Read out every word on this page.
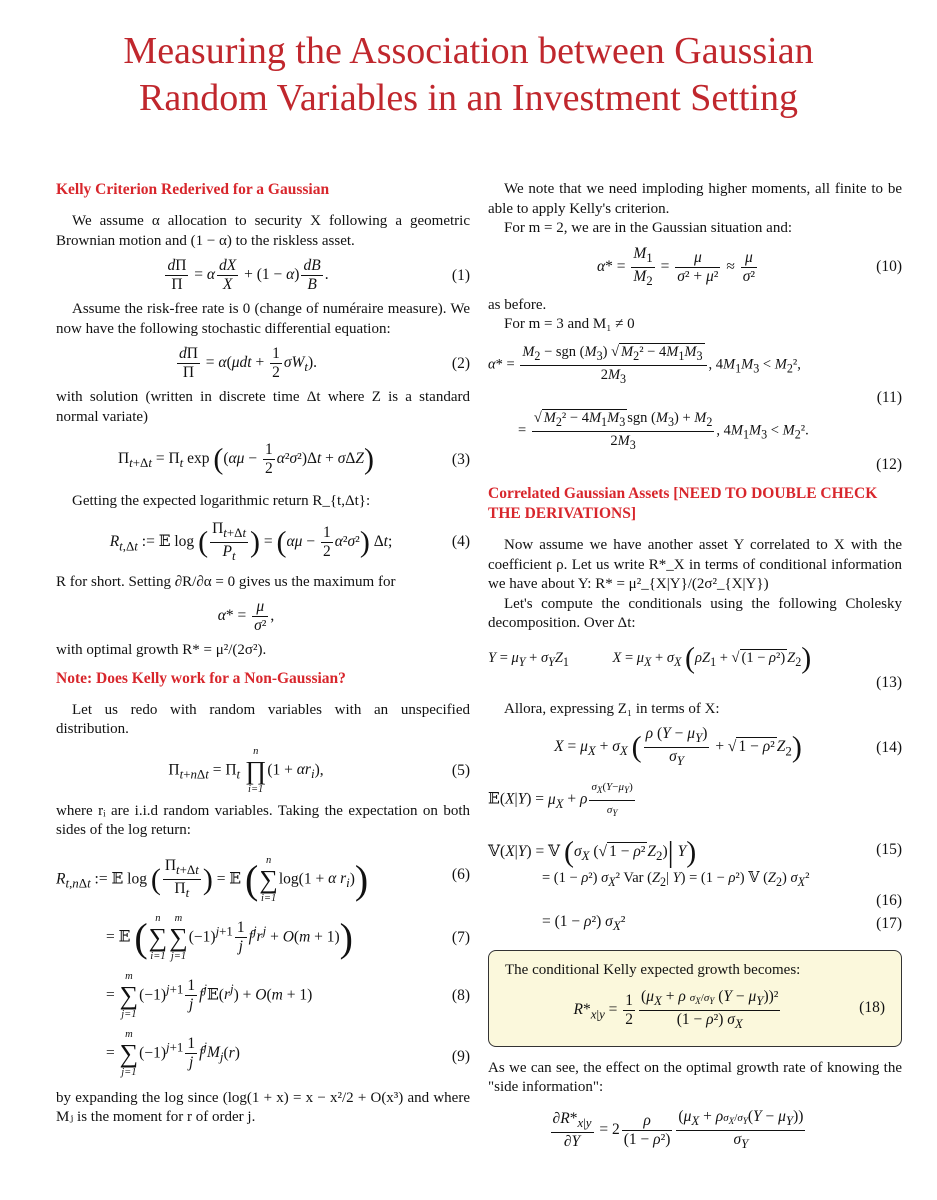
Measuring the Association between Gaussian
Random Variables in an Investment Setting
Kelly Criterion Rederived for a Gaussian

We assume α allocation to security X following a geometric Brownian motion and (1 − α) to the riskless asset.

$\frac{d\Pi}{\Pi} = \alpha \frac{dX}{X} + (1 - \alpha) \frac{dB}{B}$ .	(1)

Assume the risk-free rate is 0 (change of numéraire measure). We now have the following stochastic differential equation:

$\frac{d\Pi}{\Pi} = \alpha(\mu dt + \frac{1}{2} \sigma W_t)$.	(2)

with solution (written in discrete time Δt where Z is a standard normal variate)

$\Pi_{t+\Delta t} = \Pi_t$ $\exp ((\alpha\mu - \frac{1}{2} \alpha^2\sigma^2)\Delta t + \sigma\Delta Z)$	(3)

Getting the expected logarithmic return R_{t,Δt}:

$R_{t,\Delta t}$ := 𝔼 log ( $\frac{\Pi_{t+\Delta t}}{P_t}$ ) = $(\alpha\mu - \frac{1}{2} \alpha^2\sigma^2)$ Δt;	(4)

R for short. Setting ∂R/∂α = 0 gives us the maximum for

$\alpha* = \frac{\mu}{\text{σ²}}$ ,

with optimal growth R* = μ²/(2σ²).

Note: Does Kelly work for a Non-Gaussian?

Let us redo with random variables with an unspecified distribution.

$\Pi_{t+n\Delta t} = \Pi_t$
n
∏
i=1
$(1 + \alpha r_i)$,	(5)

where rᵢ are i.i.d random variables. Taking the expectation on both sides of the log return:

$R_{t,n\Delta t}$ := 𝔼 log ( $\frac{\Pi_{t+\Delta t}}{\Pi_t}$ ) = 𝔼 ( n
∑
i=1
log(1 + α $r_i$))	(6)
= 𝔼 ( n
∑
i=1
m
∑
j=1
$(-1)^{j+1} \frac{1}{j} f^jr^j + O(m + 1)$)	(7)
=
m
∑
j=1
$(-1)^{j+1} \frac{1}{j}$ $f^j𝔼(r^j) + O(m + 1)$	(8)
=
m
∑
j=1
$(-1)^{j+1} \frac{1}{j} f^jM_j(r)$	(9)

by expanding the log since (log(1 + x) = x − x²/2 + O(x³) and where Mⱼ is the moment for r of order j.

We note that we need imploding higher moments, all finite to be able to apply Kelly's criterion.

For m = 2, we are in the Gaussian situation and:

$\alpha* = \frac{M_1}{M_2} = \frac{\mu}{\text{σ² + μ²}} \approx \frac{\mu}{\text{σ²}}$	(10)

as before.

For m = 3 and M₁ ≠ 0

$\alpha* = \frac{M_2 - sgn (M_3) √ M_2^2 - 4M_1M_3}{2M_3}$ , $4M_1M_3 < M_2^2$,
(11)
= $\frac{√ M_2^2 - 4M_1M_3 sgn (M_3) + M_2}{2M_3}$ , $4M_1M_3 < M_2^2$.
(12)
Correlated Gaussian Assets [NEED TO DOUBLE CHECK THE DERIVATIONS]

Now assume we have another asset Y correlated to X with the coefficient ρ. Let us write R*_X in terms of conditional information we have about Y: R* = μ²_{X|Y}/(2σ²_{X|Y})

Let's compute the conditionals using the following Cholesky decomposition. Over Δt:

$Y = \mu_Y + \sigma_YZ_1$	$X = \mu_X + \sigma_X$ ($\rho Z_1$ + √ (1 − ρ²) $Z_2$)
(13)

Allora, expressing Z₁ in terms of X:

$X = \mu_X + \sigma_X$ ( $\frac{\rho (Y - \mu_Y)}{\sigma_Y}$ + √ 1 − ρ² $Z_2$)	(14)
𝔼(X|Y) = $\mu_X + \rho \frac{\sigma_X(Y-\mu_Y)}{\sigma_Y}$
𝕍(X|Y) = 𝕍 ($\sigma_X$ (√ 1 − ρ² $Z_2)|$ Y)	(15)
= (1 − ρ²) $\sigma_X^2$ Var ($Z_2|$ Y) = (1 − ρ²) 𝕍 $(Z_2)$ $\sigma_X^2$
(16)
= (1 − ρ²) $\sigma_X^2$	(17)

The conditional Kelly expected growth becomes:

$R*_{x|y} = \frac{1}{2} \frac{(\mu_X + \rho \sigma_X/\sigma_Y (Y - \mu_Y))^2}{(1 - \rho^2) \sigma_X}$	(18)

As we can see, the effect on the optimal growth rate of knowing the "side information":

$\frac{\partial R*_{x|y}}{\partial Y} = 2 \frac{\rho}{\text{(1 − ρ²)}} \frac{(\mu_X + \rho\sigma_X/\sigma_Y(Y - \mu_Y))}{\sigma_Y}$
